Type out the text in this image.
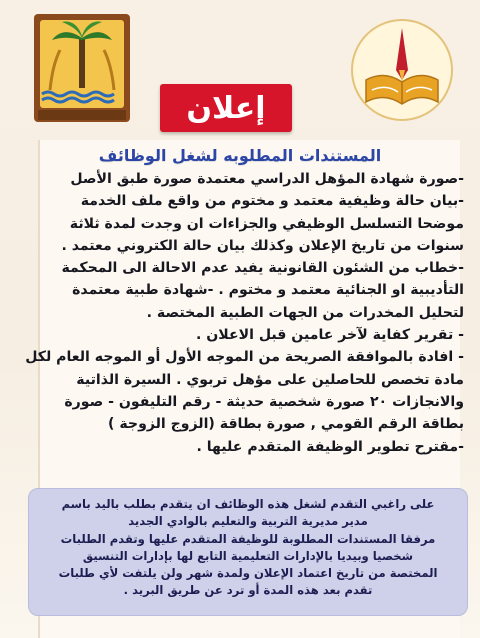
إعلان
المستندات المطلوبه لشغل الوظائف
-صورة شهادة المؤهل الدراسي معتمدة صورة طبق الأصل
-بيان حالة وظيفية معتمد و مختوم من واقع ملف الخدمة
موضحا التسلسل الوظيفي والجزاءات ان وجدت لمدة ثلاثة
سنوات من تاريخ الإعلان وكذلك بيان حالة الكتروني معتمد .
-خطاب من الشئون القانونية يفيد عدم الاحالة الى المحكمة
التأديبية او الجنائية معتمد و مختوم . -شهادة طبية معتمدة
لتحليل المخدرات من الجهات الطبية المختصة .
- تقرير كفاية لآخر عامين قبل الاعلان .
- افادة بالموافقة الصريحة من الموجه الأول أو الموجه العام لكل
مادة تخصص للحاصلين على مؤهل تربوي . السيرة الذاتية
والانجازات ٢٠ صورة شخصية حديثة - رقم التليفون - صورة
بطاقة الرقم القومي , صورة بطاقة (الزوج الزوجة )
-مقترح تطوير الوظيفة المتقدم عليها .
على راغبي التقدم لشغل هذه الوظائف ان يتقدم بطلب باليد باسم
مدير مديرية التربية والتعليم بالوادي الجديد
مرفقا المستندات المطلوبة للوظيفة المتقدم عليها وتقدم الطلبات
شخصيا وبيديا بالإدارات التعليمية التابع لها بإدارات التنسيق
المختصة من تاريخ اعتماد الإعلان ولمدة شهر ولن يلتفت لأي طلبات
تقدم بعد هذه المدة أو ترد عن طريق البريد .
